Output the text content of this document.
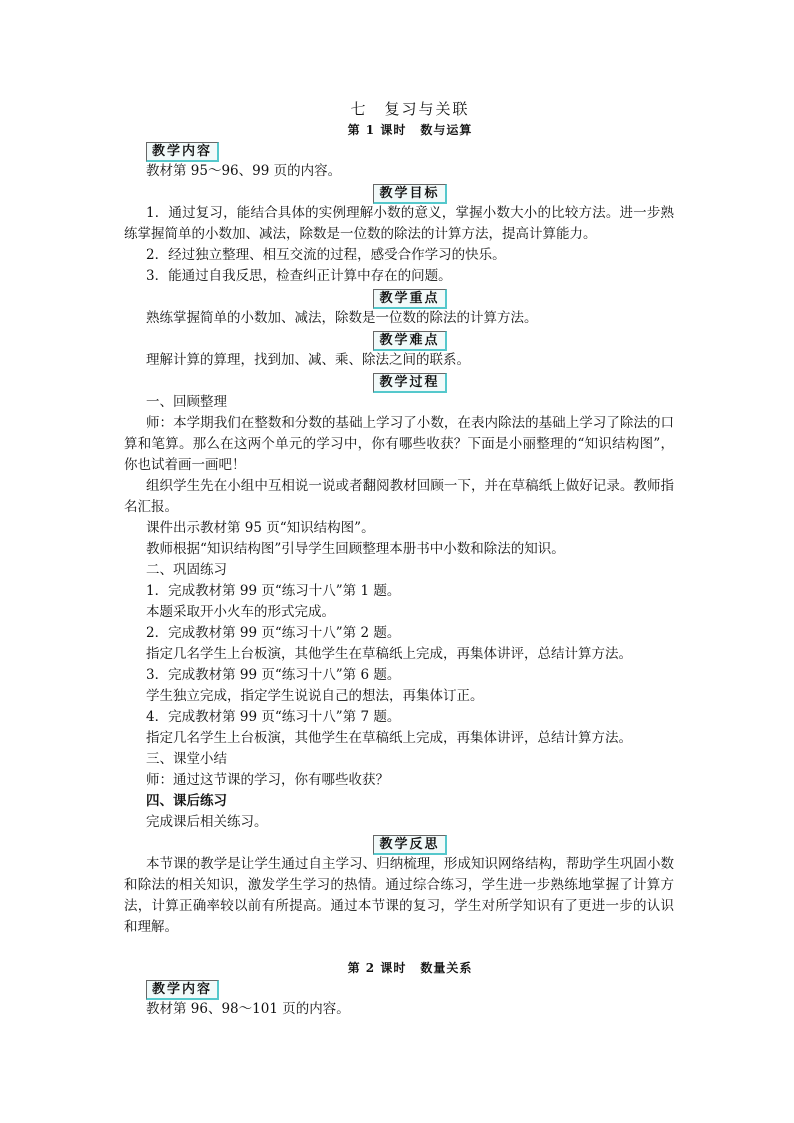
七　复习与关联
第 1 课时 数与运算
教学内容
教材第 95～96、99 页的内容。
教学目标
1．通过复习，能结合具体的实例理解小数的意义，掌握小数大小的比较方法。进一步熟练掌握简单的小数加、减法，除数是一位数的除法的计算方法，提高计算能力。
2．经过独立整理、相互交流的过程，感受合作学习的快乐。
3．能通过自我反思，检查纠正计算中存在的问题。
教学重点
熟练掌握简单的小数加、减法，除数是一位数的除法的计算方法。
教学难点
理解计算的算理，找到加、减、乘、除法之间的联系。
教学过程
一、回顾整理
师：本学期我们在整数和分数的基础上学习了小数，在表内除法的基础上学习了除法的口算和笔算。那么在这两个单元的学习中，你有哪些收获？下面是小丽整理的“知识结构图”，你也试着画一画吧！
组织学生先在小组中互相说一说或者翻阅教材回顾一下，并在草稿纸上做好记录。教师指名汇报。
课件出示教材第 95 页“知识结构图”。
教师根据“知识结构图”引导学生回顾整理本册书中小数和除法的知识。
二、巩固练习
1．完成教材第 99 页“练习十八”第 1 题。
本题采取开小火车的形式完成。
2．完成教材第 99 页“练习十八”第 2 题。
指定几名学生上台板演，其他学生在草稿纸上完成，再集体讲评，总结计算方法。
3．完成教材第 99 页“练习十八”第 6 题。
学生独立完成，指定学生说说自己的想法，再集体订正。
4．完成教材第 99 页“练习十八”第 7 题。
指定几名学生上台板演，其他学生在草稿纸上完成，再集体讲评，总结计算方法。
三、课堂小结
师：通过这节课的学习，你有哪些收获？
四、课后练习
完成课后相关练习。
教学反思
本节课的教学是让学生通过自主学习、归纳梳理，形成知识网络结构，帮助学生巩固小数和除法的相关知识，激发学生学习的热情。通过综合练习，学生进一步熟练地掌握了计算方法，计算正确率较以前有所提高。通过本节课的复习，学生对所学知识有了更进一步的认识和理解。
第 2 课时 数量关系
教学内容
教材第 96、98～101 页的内容。
